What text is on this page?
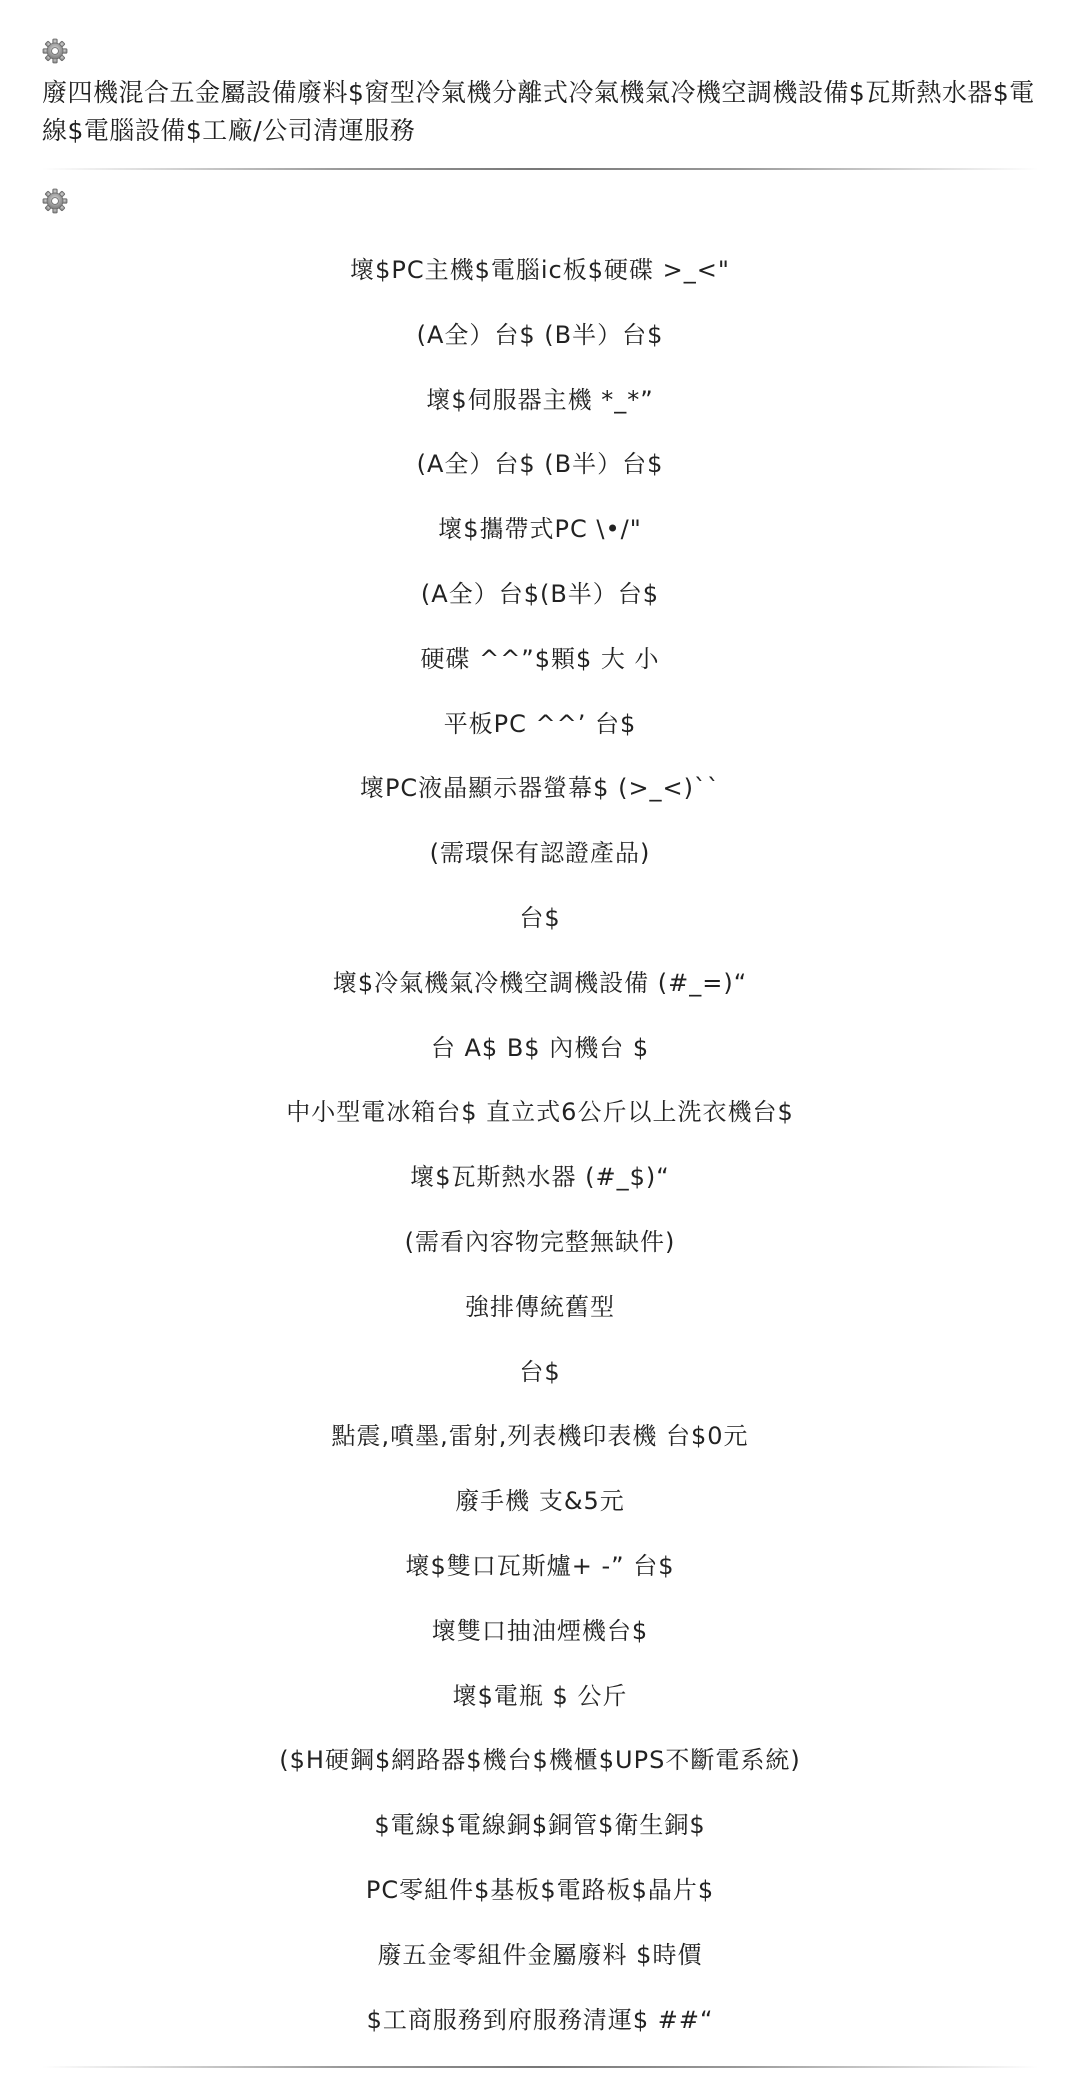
廢四機混合五金屬設備廢料$窗型冷氣機分離式冷氣機氣冷機空調機設備$瓦斯熱水器$電線$電腦設備$工廠/公司清運服務
壞$PC主機$電腦ic板$硬碟 >_<"
(A全）台$ (B半）台$
壞$伺服器主機 *_*”
(A全）台$ (B半）台$
壞$攜帶式PC \•/"
(A全）台$(B半）台$
硬碟 ^^”$顆$ 大 小
平板PC ^^’ 台$
壞PC液晶顯示器螢幕$ (>_<)``
(需環保有認證產品)
台$
壞$冷氣機氣冷機空調機設備 (#_=)“
台 A$ B$ 內機台 $
中小型電冰箱台$ 直立式6公斤以上洗衣機台$
壞$瓦斯熱水器 (#_$)“
(需看內容物完整無缺件)
強排傳統舊型
台$
點震,噴墨,雷射,列表機印表機 台$0元
廢手機 支&5元
壞$雙口瓦斯爐+ -” 台$
壞雙口抽油煙機台$
壞$電瓶 $ 公斤
($H硬鋼$網路器$機台$機櫃$UPS不斷電系統)
$電線$電線銅$銅管$衛生銅$
PC零組件$基板$電路板$晶片$
廢五金零組件金屬廢料 $時價
$工商服務到府服務清運$ ##“
